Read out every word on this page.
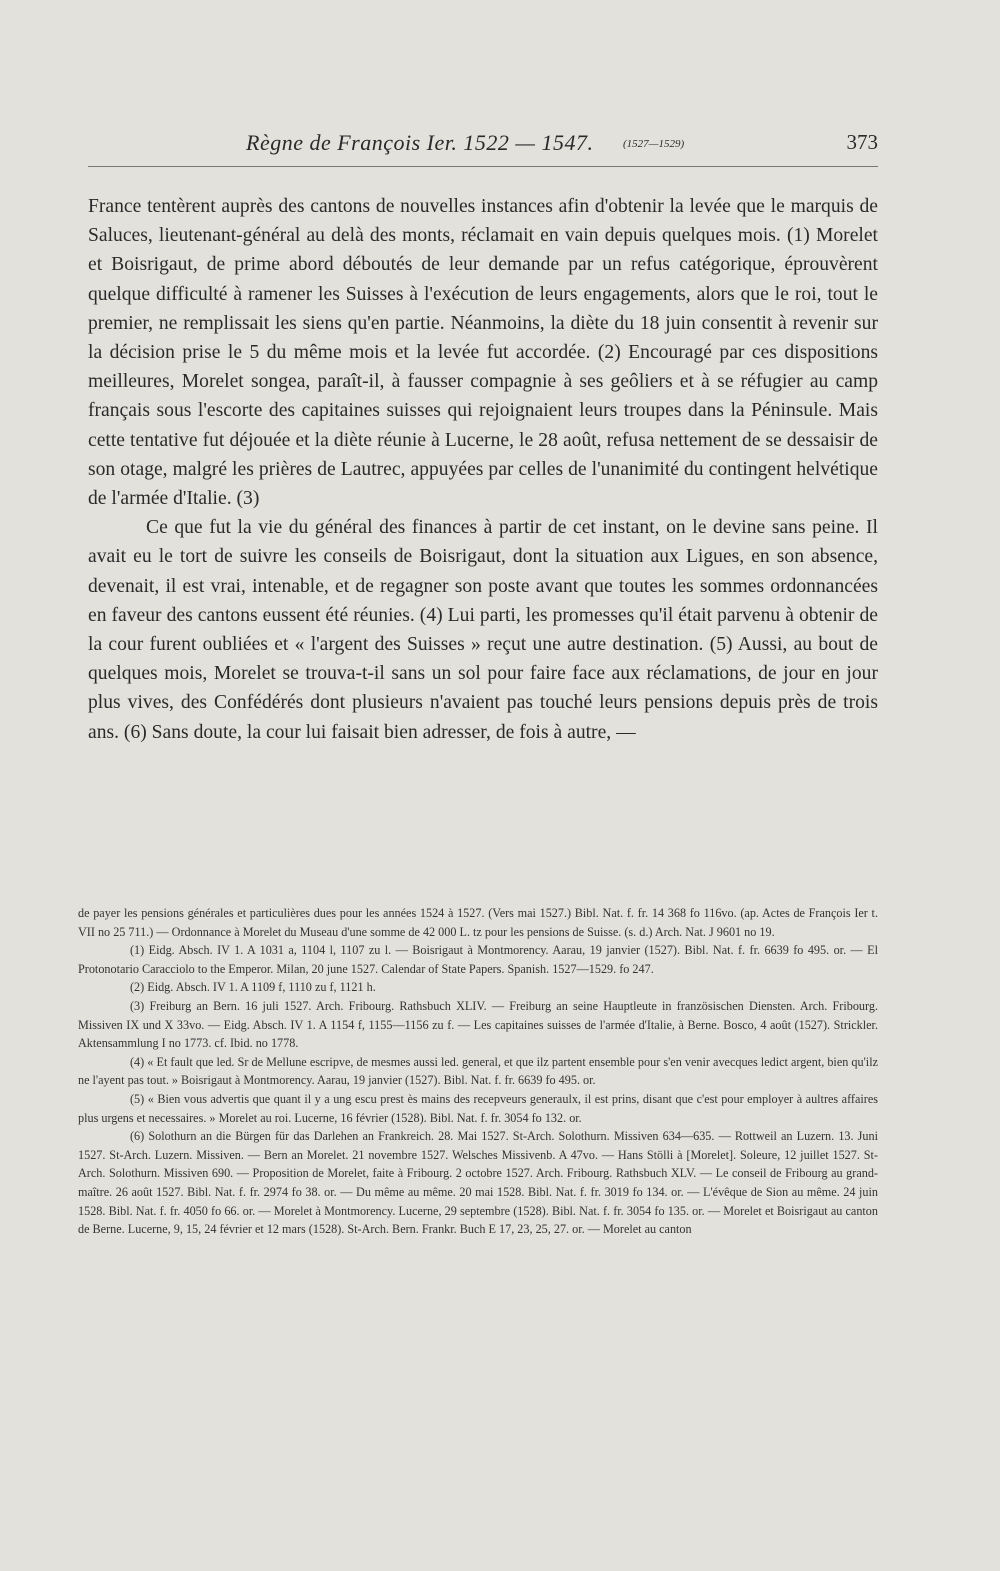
Règne de François Ier. 1522 — 1547.	(1527—1529)	373

France tentèrent auprès des cantons de nouvelles instances afin d'obtenir la levée que le marquis de Saluces, lieutenant-général au delà des monts, réclamait en vain depuis quelques mois. (1) Morelet et Boisrigaut, de prime abord déboutés de leur demande par un refus catégorique, éprouvèrent quelque difficulté à ramener les Suisses à l'exécution de leurs engagements, alors que le roi, tout le premier, ne remplissait les siens qu'en partie. Néanmoins, la diète du 18 juin consentit à revenir sur la décision prise le 5 du même mois et la levée fut accordée. (2) Encouragé par ces dispositions meilleures, Morelet songea, paraît-il, à fausser compagnie à ses geôliers et à se réfugier au camp français sous l'escorte des capitaines suisses qui rejoignaient leurs troupes dans la Péninsule. Mais cette tentative fut déjouée et la diète réunie à Lucerne, le 28 août, refusa nettement de se dessaisir de son otage, malgré les prières de Lautrec, appuyées par celles de l'unanimité du contingent helvétique de l'armée d'Italie. (3)

Ce que fut la vie du général des finances à partir de cet instant, on le devine sans peine. Il avait eu le tort de suivre les conseils de Boisrigaut, dont la situation aux Ligues, en son absence, devenait, il est vrai, intenable, et de regagner son poste avant que toutes les sommes ordonnancées en faveur des cantons eussent été réunies. (4) Lui parti, les promesses qu'il était parvenu à obtenir de la cour furent oubliées et « l'argent des Suisses » reçut une autre destination. (5) Aussi, au bout de quelques mois, Morelet se trouva-t-il sans un sol pour faire face aux réclamations, de jour en jour plus vives, des Confédérés dont plusieurs n'avaient pas touché leurs pensions depuis près de trois ans. (6) Sans doute, la cour lui faisait bien adresser, de fois à autre, —

de payer les pensions générales et particulières dues pour les années 1524 à 1527. (Vers mai 1527.) Bibl. Nat. f. fr. 14 368 fo 116vo. (ap. Actes de François Ier t. VII no 25 711.) — Ordonnance à Morelet du Museau d'une somme de 42 000 L. tz pour les pensions de Suisse. (s. d.) Arch. Nat. J 9601 no 19.

(1) Eidg. Absch. IV 1. A 1031 a, 1104 l, 1107 zu l. — Boisrigaut à Montmorency. Aarau, 19 janvier (1527). Bibl. Nat. f. fr. 6639 fo 495. or. — El Protonotario Caracciolo to the Emperor. Milan, 20 june 1527. Calendar of State Papers. Spanish. 1527—1529. fo 247.

(2) Eidg. Absch. IV 1. A 1109 f, 1110 zu f, 1121 h.

(3) Freiburg an Bern. 16 juli 1527. Arch. Fribourg. Rathsbuch XLIV. — Freiburg an seine Hauptleute in französischen Diensten. Arch. Fribourg. Missiven IX und X 33vo. — Eidg. Absch. IV 1. A 1154 f, 1155—1156 zu f. — Les capitaines suisses de l'armée d'Italie, à Berne. Bosco, 4 août (1527). Strickler. Aktensammlung I no 1773. cf. Ibid. no 1778.

(4) « Et fault que led. Sr de Mellune escripve, de mesmes aussi led. general, et que ilz partent ensemble pour s'en venir avecques ledict argent, bien qu'ilz ne l'ayent pas tout. » Boisrigaut à Montmorency. Aarau, 19 janvier (1527). Bibl. Nat. f. fr. 6639 fo 495. or.

(5) « Bien vous advertis que quant il y a ung escu prest ès mains des recepveurs generaulx, il est prins, disant que c'est pour employer à aultres affaires plus urgens et necessaires. » Morelet au roi. Lucerne, 16 février (1528). Bibl. Nat. f. fr. 3054 fo 132. or.

(6) Solothurn an die Bürgen für das Darlehen an Frankreich. 28. Mai 1527. St-Arch. Solothurn. Missiven 634—635. — Rottweil an Luzern. 13. Juni 1527. St-Arch. Luzern. Missiven. — Bern an Morelet. 21 novembre 1527. Welsches Missivenb. A 47vo. — Hans Stölli à [Morelet]. Soleure, 12 juillet 1527. St-Arch. Solothurn. Missiven 690. — Proposition de Morelet, faite à Fribourg. 2 octobre 1527. Arch. Fribourg. Rathsbuch XLV. — Le conseil de Fribourg au grand-maître. 26 août 1527. Bibl. Nat. f. fr. 2974 fo 38. or. — Du même au même. 20 mai 1528. Bibl. Nat. f. fr. 3019 fo 134. or. — L'évêque de Sion au même. 24 juin 1528. Bibl. Nat. f. fr. 4050 fo 66. or. — Morelet à Montmorency. Lucerne, 29 septembre (1528). Bibl. Nat. f. fr. 3054 fo 135. or. — Morelet et Boisrigaut au canton de Berne. Lucerne, 9, 15, 24 février et 12 mars (1528). St-Arch. Bern. Frankr. Buch E 17, 23, 25, 27. or. — Morelet au canton
